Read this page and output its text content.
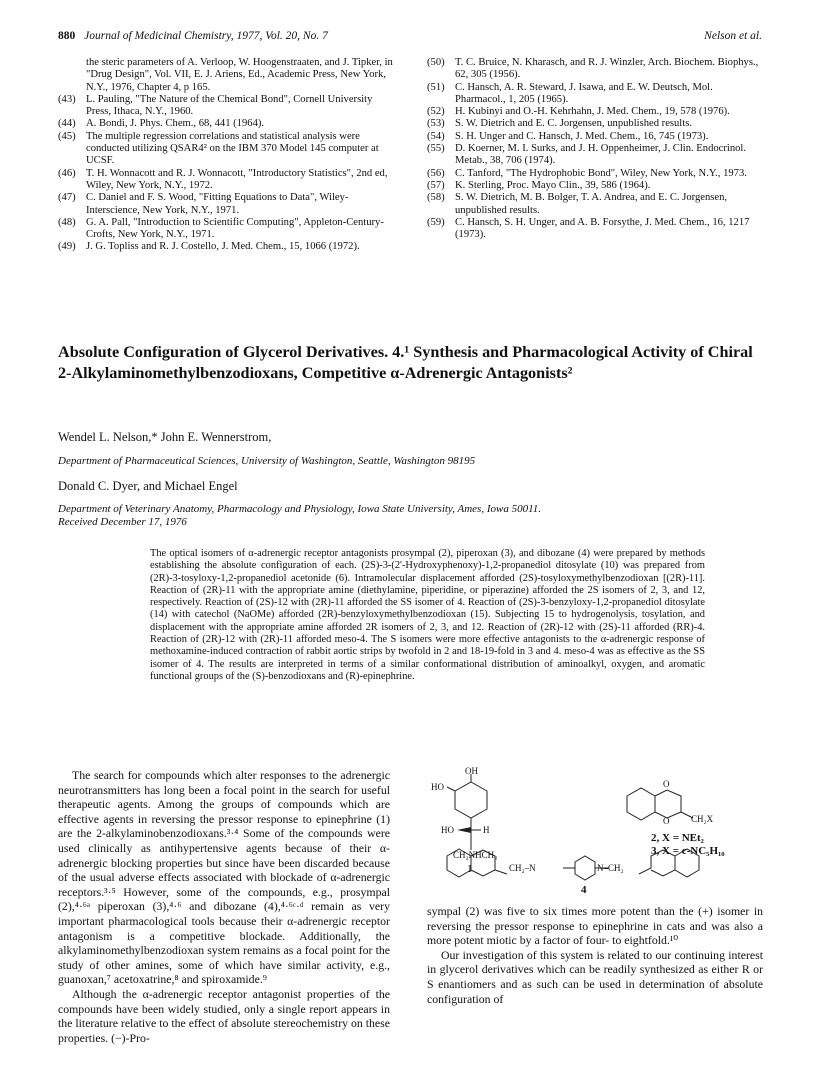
880 Journal of Medicinal Chemistry, 1977, Vol. 20, No. 7	Nelson et al.

the steric parameters of A. Verloop, W. Hoogenstraaten, and J. Tipker, in "Drug Design", Vol. VII, E. J. Ariens, Ed., Academic Press, New York, N.Y., 1976, Chapter 4, p 165.

(43) L. Pauling, "The Nature of the Chemical Bond", Cornell University Press, Ithaca, N.Y., 1960.

(44) A. Bondi, J. Phys. Chem., 68, 441 (1964).

(45) The multiple regression correlations and statistical analysis were conducted utilizing QSAR4² on the IBM 370 Model 145 computer at UCSF.

(46) T. H. Wonnacott and R. J. Wonnacott, "Introductory Statistics", 2nd ed, Wiley, New York, N.Y., 1972.

(47) C. Daniel and F. S. Wood, "Fitting Equations to Data", Wiley-Interscience, New York, N.Y., 1971.

(48) G. A. Pall, "Introduction to Scientific Computing", Appleton-Century-Crofts, New York, N.Y., 1971.

(49) J. G. Topliss and R. J. Costello, J. Med. Chem., 15, 1066 (1972).

(50) T. C. Bruice, N. Kharasch, and R. J. Winzler, Arch. Biochem. Biophys., 62, 305 (1956).

(51) C. Hansch, A. R. Steward, J. Isawa, and E. W. Deutsch, Mol. Pharmacol., 1, 205 (1965).

(52) H. Kubinyi and O.-H. Kehrhahn, J. Med. Chem., 19, 578 (1976).

(53) S. W. Dietrich and E. C. Jorgensen, unpublished results.

(54) S. H. Unger and C. Hansch, J. Med. Chem., 16, 745 (1973).

(55) D. Koerner, M. I. Surks, and J. H. Oppenheimer, J. Clin. Endocrinol. Metab., 38, 706 (1974).

(56) C. Tanford, "The Hydrophobic Bond", Wiley, New York, N.Y., 1973.

(57) K. Sterling, Proc. Mayo Clin., 39, 586 (1964).

(58) S. W. Dietrich, M. B. Bolger, T. A. Andrea, and E. C. Jorgensen, unpublished results.

(59) C. Hansch, S. H. Unger, and A. B. Forsythe, J. Med. Chem., 16, 1217 (1973).

Absolute Configuration of Glycerol Derivatives. 4.¹ Synthesis and Pharmacological Activity of Chiral 2-Alkylaminomethylbenzodioxans, Competitive α-Adrenergic Antagonists²
Wendel L. Nelson,* John E. Wennerstrom,
Department of Pharmaceutical Sciences, University of Washington, Seattle, Washington 98195
Donald C. Dyer, and Michael Engel
Department of Veterinary Anatomy, Pharmacology and Physiology, Iowa State University, Ames, Iowa 50011.
Received December 17, 1976

The optical isomers of α-adrenergic receptor antagonists prosympal (2), piperoxan (3), and dibozane (4) were prepared by methods establishing the absolute configuration of each. (2S)-3-(2'-Hydroxyphenoxy)-1,2-propanediol ditosylate (10) was prepared from (2R)-3-tosyloxy-1,2-propanediol acetonide (6). Intramolecular displacement afforded (2S)-tosyloxymethylbenzodioxan [(2R)-11]. Reaction of (2R)-11 with the appropriate amine (diethylamine, piperidine, or piperazine) afforded the 2S isomers of 2, 3, and 12, respectively. Reaction of (2S)-12 with (2R)-11 afforded the SS isomer of 4. Reaction of (2S)-3-benzyloxy-1,2-propanediol ditosylate (14) with catechol (NaOMe) afforded (2R)-benzyloxymethylbenzodioxan (15). Subjecting 15 to hydrogenolysis, tosylation, and displacement with the appropriate amine afforded 2R isomers of 2, 3, and 12. Reaction of (2R)-12 with (2S)-11 afforded (RR)-4. Reaction of (2R)-12 with (2R)-11 afforded meso-4. The S isomers were more effective antagonists to the α-adrenergic response of methoxamine-induced contraction of rabbit aortic strips by twofold in 2 and 18-19-fold in 3 and 4. meso-4 was as effective as the SS isomer of 4. The results are interpreted in terms of a similar conformational distribution of aminoalkyl, oxygen, and aromatic functional groups of the (S)-benzodioxans and (R)-epinephrine.

The search for compounds which alter responses to the adrenergic neurotransmitters has long been a focal point in the search for useful therapeutic agents. Among the groups of compounds which are effective agents in reversing the pressor response to epinephrine (1) are the 2-alkylaminobenzodioxans.³·⁴ Some of the compounds were used clinically as antihypertensive agents because of their α-adrenergic blocking properties but since have been discarded because of the usual adverse effects associated with blockade of α-adrenergic receptors.³·⁵ However, some of the compounds, e.g., prosympal (2),⁴·⁶ᵃ piperoxan (3),⁴·⁶ and dibozane (4),⁴·⁶ᶜ·ᵈ remain as very important pharmacological tools because their α-adrenergic receptor antagonism is a competitive blockade. Additionally, the alkylaminomethylbenzodioxan system remains as a focal point for the study of other amines, some of which have similar activity, e.g., guanoxan,⁷ acetoxatrine,⁸ and spiroxamide.⁹

Although the α-adrenergic receptor antagonist properties of the compounds have been widely studied, only a single report appears in the literature relative to the effect of absolute stereochemistry on these properties. (−)-Pro-

OH
HO
HO	H
CH₂NHCH₃
1
O
O CH₂X
2, X = NEt₂
3, X = c-NC₅H₁₀
CH₂–N	N–CH₂
4

sympal (2) was five to six times more potent than the (+) isomer in reversing the pressor response to epinephrine in cats and was also a more potent miotic by a factor of four- to eightfold.¹⁰

Our investigation of this system is related to our continuing interest in glycerol derivatives which can be readily synthesized as either R or S enantiomers and as such can be used in determination of absolute configuration of
